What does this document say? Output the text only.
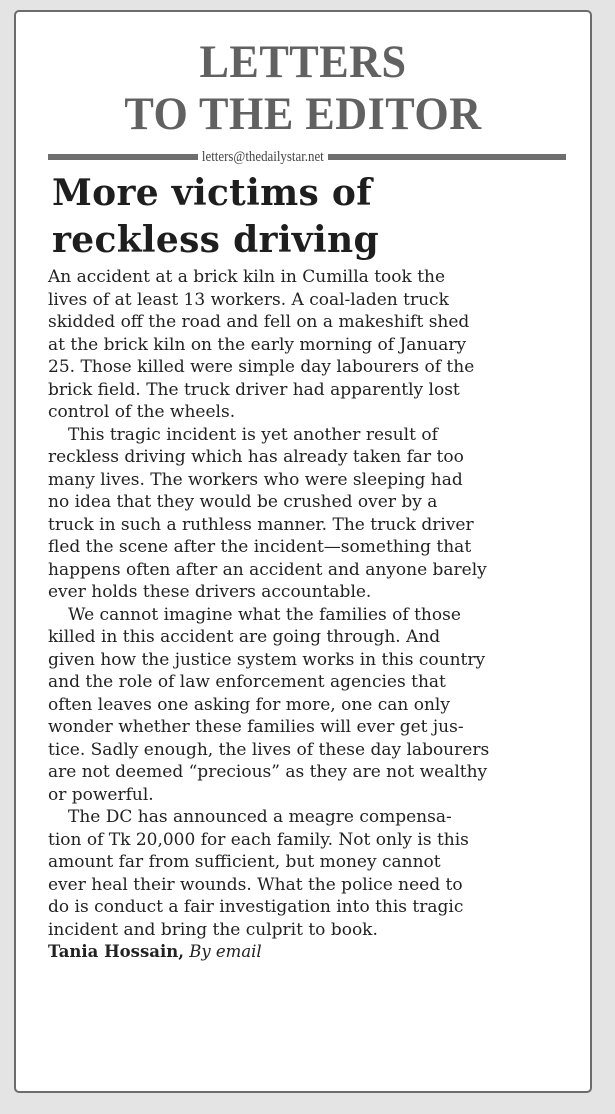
LETTERS
TO THE EDITOR
letters@thedailystar.net
More victims of
reckless driving

An accident at a brick kiln in Cumilla took the
lives of at least 13 workers. A coal-laden truck
skidded off the road and fell on a makeshift shed
at the brick kiln on the early morning of January
25. Those killed were simple day labourers of the
brick field. The truck driver had apparently lost
control of the wheels.

This tragic incident is yet another result of
reckless driving which has already taken far too
many lives. The workers who were sleeping had
no idea that they would be crushed over by a
truck in such a ruthless manner. The truck driver
fled the scene after the incident—something that
happens often after an accident and anyone barely
ever holds these drivers accountable.

We cannot imagine what the families of those
killed in this accident are going through. And
given how the justice system works in this country
and the role of law enforcement agencies that
often leaves one asking for more, one can only
wonder whether these families will ever get jus-
tice. Sadly enough, the lives of these day labourers
are not deemed “precious” as they are not wealthy
or powerful.

The DC has announced a meagre compensa-
tion of Tk 20,000 for each family. Not only is this
amount far from sufficient, but money cannot
ever heal their wounds. What the police need to
do is conduct a fair investigation into this tragic
incident and bring the culprit to book.

Tania Hossain, By email
